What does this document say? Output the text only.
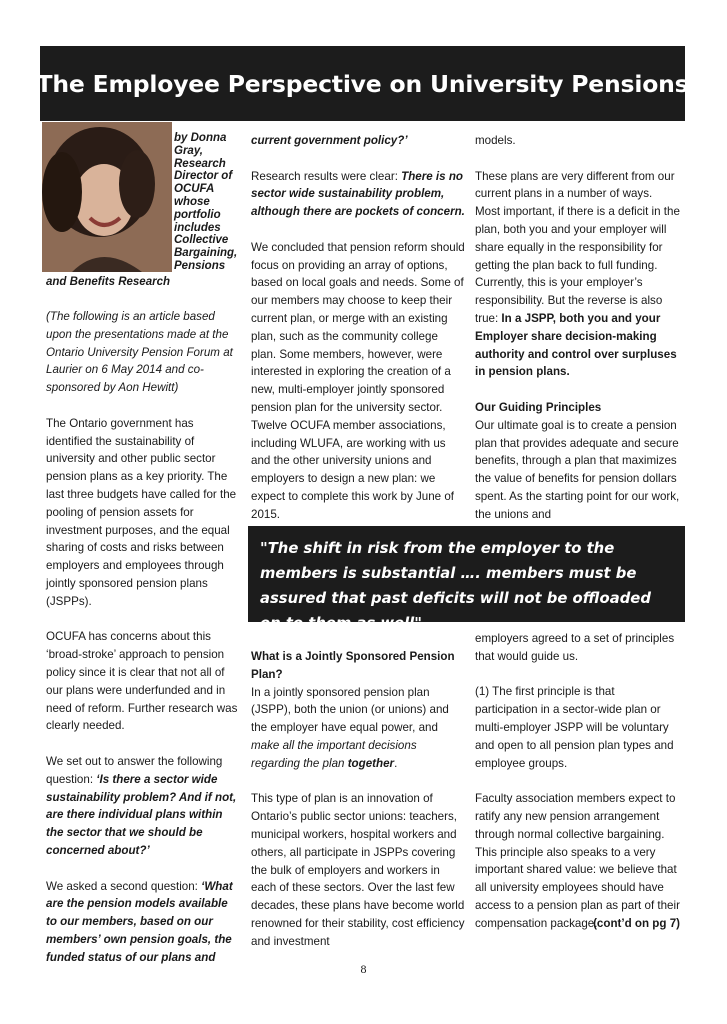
The Employee Perspective on University Pensions
by Donna
Gray,
Research
Director of
OCUFA
whose
portfolio
includes
Collective
Bargaining,
Pensions
and Benefits Research

(The following is an article based upon the presentations made at the Ontario University Pension Forum at Laurier on 6 May 2014 and co-sponsored by Aon Hewitt)

The Ontario government has identified the sustainability of university and other public sector pension plans as a key priority. The last three budgets have called for the pooling of pension assets for investment purposes, and the equal sharing of costs and risks between employers and employees through jointly sponsored pension plans (JSPPs).

OCUFA has concerns about this ‘broad-stroke’ approach to pension policy since it is clear that not all of our plans were underfunded and in need of reform. Further research was clearly needed.

We set out to answer the following question: ‘Is there a sector wide sustainability problem? And if not, are there individual plans within the sector that we should be concerned about?’

We asked a second question: ‘What are the pension models available to our members, based on our members’ own pension goals, the funded status of our plans and

current government policy?’

Research results were clear: There is no sector wide sustainability problem, although there are pockets of concern.

We concluded that pension reform should focus on providing an array of options, based on local goals and needs. Some of our members may choose to keep their current plan, or merge with an existing plan, such as the community college plan. Some members, however, were interested in exploring the creation of a new, multi-employer jointly sponsored pension plan for the university sector. Twelve OCUFA member associations, including WLUFA, are working with us and the other university unions and employers to design a new plan: we expect to complete this work by June of 2015.

models.

These plans are very different from our current plans in a number of ways. Most important, if there is a deficit in the plan, both you and your employer will share equally in the responsibility for getting the plan back to full funding. Currently, this is your employer’s responsibility. But the reverse is also true: In a JSPP, both you and your Employer share decision-making authority and control over surpluses in pension plans.

Our Guiding Principles

Our ultimate goal is to create a pension plan that provides adequate and secure benefits, through a plan that maximizes the value of benefits for pension dollars spent. As the starting point for our work, the unions and

"The shift in risk from the employer to the members is substantial …. members must be assured that past deficits will not be offloaded on to them as well"

What is a Jointly Sponsored Pension Plan?

In a jointly sponsored pension plan (JSPP), both the union (or unions) and the employer have equal power, and make all the important decisions regarding the plan together.

This type of plan is an innovation of Ontario’s public sector unions: teachers, municipal workers, hospital workers and others, all participate in JSPPs covering the bulk of employers and workers in each of these sectors. Over the last few decades, these plans have become world renowned for their stability, cost efficiency and investment

employers agreed to a set of principles that would guide us.

(1) The first principle is that participation in a sector-wide plan or multi-employer JSPP will be voluntary and open to all pension plan types and employee groups.

Faculty association members expect to ratify any new pension arrangement through normal collective bargaining. This principle also speaks to a very important shared value: we believe that all university employees should have access to a pension plan as part of their compensation package.

(cont’d on pg 7)
8
